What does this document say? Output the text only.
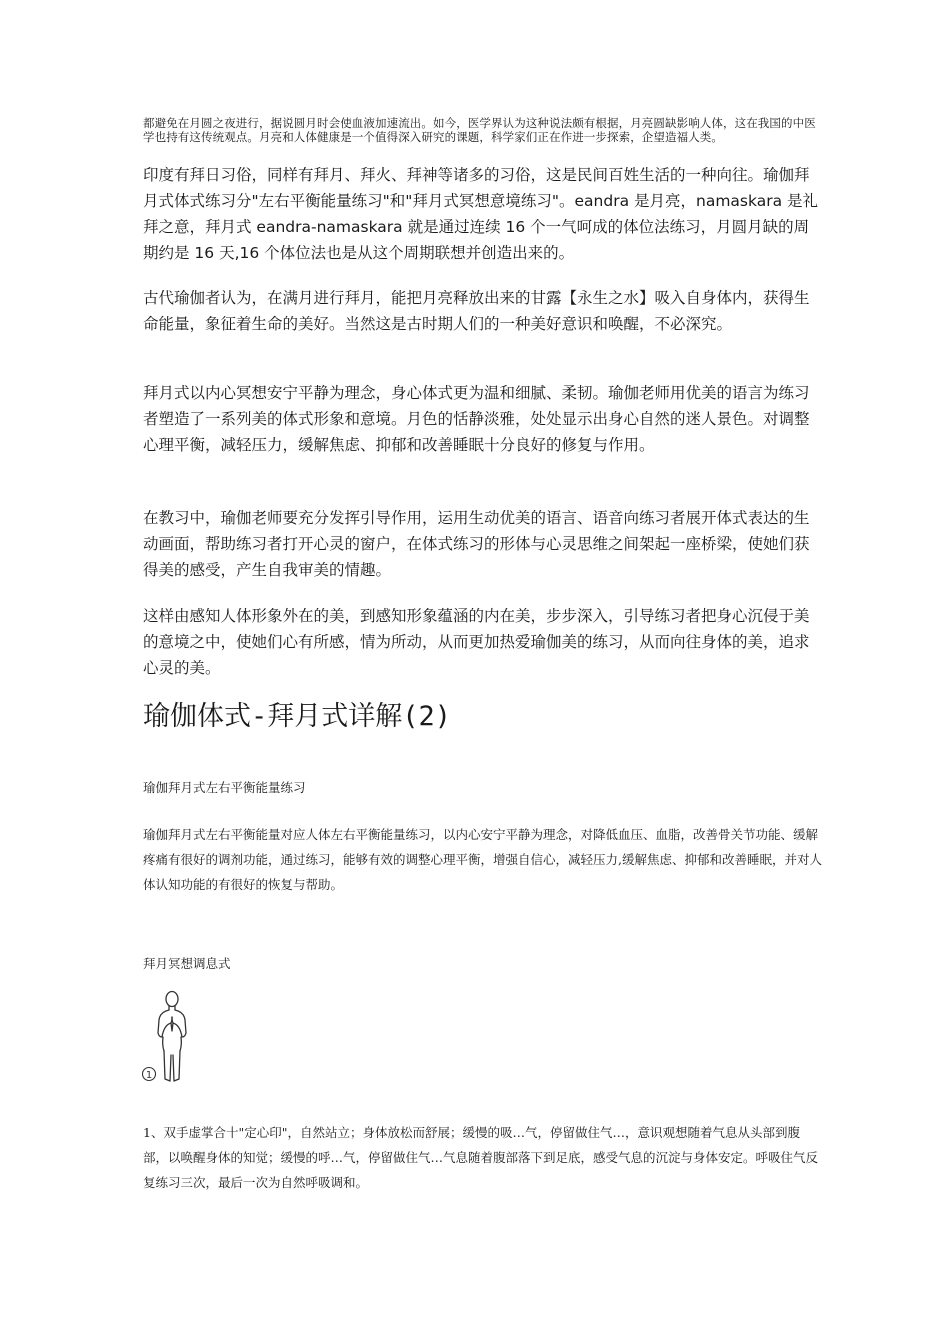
都避免在月圆之夜进行，据说圆月时会使血液加速流出。如今，医学界认为这种说法颇有根据，月亮圆缺影响人体，这在我国的中医学也持有这传统观点。月亮和人体健康是一个值得深入研究的课题，科学家们正在作进一步探索，企望造福人类。

印度有拜日习俗，同样有拜月、拜火、拜神等诸多的习俗，这是民间百姓生活的一种向往。瑜伽拜月式体式练习分"左右平衡能量练习"和"拜月式冥想意境练习"。eandra 是月亮，namaskara 是礼拜之意，拜月式 eandra-namaskara 就是通过连续 16 个一气呵成的体位法练习，月圆月缺的周期约是 16 天,16 个体位法也是从这个周期联想并创造出来的。

古代瑜伽者认为，在满月进行拜月，能把月亮释放出来的甘露【永生之水】吸入自身体内，获得生命能量，象征着生命的美好。当然这是古时期人们的一种美好意识和唤醒，不必深究。

拜月式以内心冥想安宁平静为理念，身心体式更为温和细腻、柔韧。瑜伽老师用优美的语言为练习者塑造了一系列美的体式形象和意境。月色的恬静淡雅，处处显示出身心自然的迷人景色。对调整心理平衡，减轻压力，缓解焦虑、抑郁和改善睡眠十分良好的修复与作用。

在教习中，瑜伽老师要充分发挥引导作用，运用生动优美的语言、语音向练习者展开体式表达的生动画面，帮助练习者打开心灵的窗户，在体式练习的形体与心灵思维之间架起一座桥梁，使她们获得美的感受，产生自我审美的情趣。

这样由感知人体形象外在的美，到感知形象蕴涵的内在美，步步深入，引导练习者把身心沉侵于美的意境之中，使她们心有所感，情为所动，从而更加热爱瑜伽美的练习，从而向往身体的美，追求心灵的美。

瑜伽体式-拜月式详解(2)

瑜伽拜月式左右平衡能量练习

瑜伽拜月式左右平衡能量对应人体左右平衡能量练习，以内心安宁平静为理念，对降低血压、血脂，改善骨关节功能、缓解疼痛有很好的调剂功能，通过练习，能够有效的调整心理平衡，增强自信心，减轻压力,缓解焦虑、抑郁和改善睡眠，并对人体认知功能的有很好的恢复与帮助。

拜月冥想调息式

1

1、双手虚掌合十"定心印"，自然站立；身体放松而舒展；缓慢的吸…气，停留做住气…，意识观想随着气息从头部到腹部，以唤醒身体的知觉；缓慢的呼…气，停留做住气…气息随着腹部落下到足底，感受气息的沉淀与身体安定。呼吸住气反复练习三次，最后一次为自然呼吸调和。
